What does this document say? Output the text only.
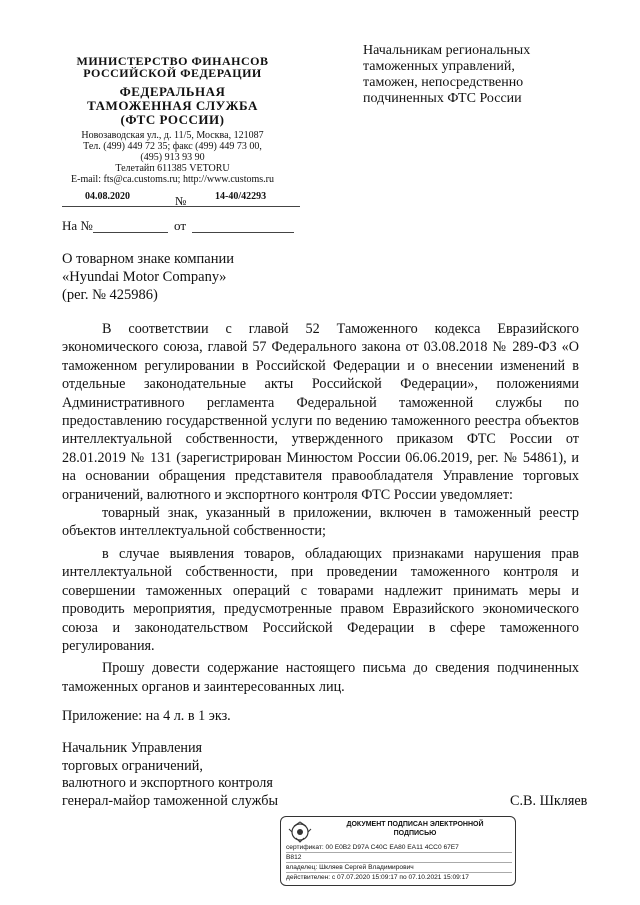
МИНИСТЕРСТВО ФИНАНСОВ
РОССИЙСКОЙ ФЕДЕРАЦИИ
ФЕДЕРАЛЬНАЯ
ТАМОЖЕННАЯ СЛУЖБА
(ФТС РОССИИ)
Новозаводская ул., д. 11/5, Москва, 121087
Тел. (499) 449 72 35; факс (499) 449 73 00,
(495) 913 93 90
Телетайп 611385 VETORU
E-mail: fts@ca.customs.ru; http://www.customs.ru
04.08.2020	№	14-40/42293
На №	от
Начальникам региональных
таможенных управлений,
таможен, непосредственно
подчиненных ФТС России
О товарном знаке компании
«Hyundai Motor Company»
(рег. № 425986)

В соответствии с главой 52 Таможенного кодекса Евразийского экономического союза, главой 57 Федерального закона от 03.08.2018 № 289-ФЗ «О таможенном регулировании в Российской Федерации и о внесении изменений в отдельные законодательные акты Российской Федерации», положениями Административного регламента Федеральной таможенной службы по предоставлению государственной услуги по ведению таможенного реестра объектов интеллектуальной собственности, утвержденного приказом ФТС России от 28.01.2019 № 131 (зарегистрирован Минюстом России 06.06.2019, рег. № 54861), и на основании обращения представителя правообладателя Управление торговых ограничений, валютного и экспортного контроля ФТС России уведомляет:

товарный знак, указанный в приложении, включен в таможенный реестр объектов интеллектуальной собственности;

в случае выявления товаров, обладающих признаками нарушения прав интеллектуальной собственности, при проведении таможенного контроля и совершении таможенных операций с товарами надлежит принимать меры и проводить мероприятия, предусмотренные правом Евразийского экономического союза и законодательством Российской Федерации в сфере таможенного регулирования.

Прошу довести содержание настоящего письма до сведения подчиненных таможенных органов и заинтересованных лиц.

Приложение: на 4 л. в 1 экз.
Начальник Управления
торговых ограничений,
валютного и экспортного контроля
генерал-майор таможенной службы	С.В. Шкляев
ДОКУМЕНТ ПОДПИСАН ЭЛЕКТРОННОЙ
ПОДПИСЬЮ
сертификат: 00 E0B2 D97A C40C EA80 EA11 4CC0 67E7
B812
владелец: Шкляев Сергей Владимирович
действителен: с 07.07.2020 15:09:17 по 07.10.2021 15:09:17
